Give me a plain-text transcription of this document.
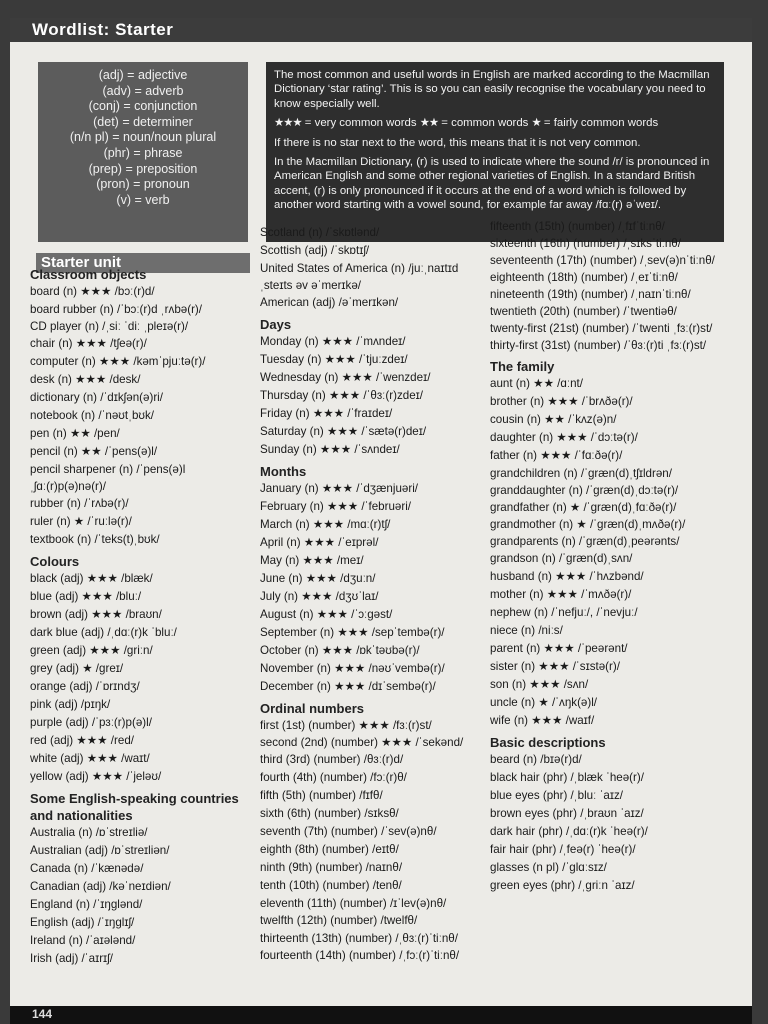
Wordlist: Starter
(adj) = adjective
(adv) = adverb
(conj) = conjunction
(det) = determiner
(n/n pl) = noun/noun plural
(phr) = phrase
(prep) = preposition
(pron) = pronoun
(v) = verb

The most common and useful words in English are marked according to the Macmillan Dictionary ‘star rating’. This is so you can easily recognise the vocabulary you need to know especially well.

★★★ = very common words ★★ = common words ★ = fairly common words

If there is no star next to the word, this means that it is not very common.

In the Macmillan Dictionary, (r) is used to indicate where the sound /r/ is pronounced in American English and some other regional varieties of English. In a standard British accent, (r) is only pronounced if it occurs at the end of a word which is followed by another word starting with a vowel sound, for example far away /fɑː(r) əˈweɪ/.

Starter unit
Classroom objects
board (n) ★★★ /bɔː(r)d/
board rubber (n) /ˈbɔː(r)d ˌrʌbə(r)/
CD player (n) /ˌsiː ˈdiː ˌpleɪə(r)/
chair (n) ★★★ /tʃeə(r)/
computer (n) ★★★ /kəmˈpjuːtə(r)/
desk (n) ★★★ /desk/
dictionary (n) /ˈdɪkʃən(ə)ri/
notebook (n) /ˈnəʊtˌbʊk/
pen (n) ★★ /pen/
pencil (n) ★★ /ˈpens(ə)l/
pencil sharpener (n) /ˈpens(ə)l ˌʃɑː(r)p(ə)nə(r)/
rubber (n) /ˈrʌbə(r)/
ruler (n) ★ /ˈruːlə(r)/
textbook (n) /ˈteks(t)ˌbʊk/
Colours
black (adj) ★★★ /blæk/
blue (adj) ★★★ /bluː/
brown (adj) ★★★ /braʊn/
dark blue (adj) /ˌdɑː(r)k ˈbluː/
green (adj) ★★★ /griːn/
grey (adj) ★ /greɪ/
orange (adj) /ˈɒrɪndʒ/
pink (adj) /pɪŋk/
purple (adj) /ˈpɜː(r)p(ə)l/
red (adj) ★★★ /red/
white (adj) ★★★ /waɪt/
yellow (adj) ★★★ /ˈjeləʊ/
Some English-speaking countries and nationalities
Australia (n) /ɒˈstreɪliə/
Australian (adj) /ɒˈstreɪliən/
Canada (n) /ˈkænədə/
Canadian (adj) /kəˈneɪdiən/
England (n) /ˈɪŋglənd/
English (adj) /ˈɪŋglɪʃ/
Ireland (n) /ˈaɪələnd/
Irish (adj) /ˈaɪrɪʃ/
Scotland (n) /ˈskɒtlənd/
Scottish (adj) /ˈskɒtɪʃ/
United States of America (n) /juːˌnaɪtɪd ˌsteɪts əv əˈmerɪkə/
American (adj) /əˈmerɪkən/
Days
Monday (n) ★★★ /ˈmʌndeɪ/
Tuesday (n) ★★★ /ˈtjuːzdeɪ/
Wednesday (n) ★★★ /ˈwenzdeɪ/
Thursday (n) ★★★ /ˈθɜː(r)zdeɪ/
Friday (n) ★★★ /ˈfraɪdeɪ/
Saturday (n) ★★★ /ˈsætə(r)deɪ/
Sunday (n) ★★★ /ˈsʌndeɪ/
Months
January (n) ★★★ /ˈdʒænjuəri/
February (n) ★★★ /ˈfebruəri/
March (n) ★★★ /mɑː(r)tʃ/
April (n) ★★★ /ˈeɪprəl/
May (n) ★★★ /meɪ/
June (n) ★★★ /dʒuːn/
July (n) ★★★ /dʒʊˈlaɪ/
August (n) ★★★ /ˈɔːgəst/
September (n) ★★★ /sepˈtembə(r)/
October (n) ★★★ /ɒkˈtəʊbə(r)/
November (n) ★★★ /nəʊˈvembə(r)/
December (n) ★★★ /dɪˈsembə(r)/
Ordinal numbers
first (1st) (number) ★★★ /fɜː(r)st/
second (2nd) (number) ★★★ /ˈsekənd/
third (3rd) (number) /θɜː(r)d/
fourth (4th) (number) /fɔː(r)θ/
fifth (5th) (number) /fɪfθ/
sixth (6th) (number) /sɪksθ/
seventh (7th) (number) /ˈsev(ə)nθ/
eighth (8th) (number) /eɪtθ/
ninth (9th) (number) /naɪnθ/
tenth (10th) (number) /tenθ/
eleventh (11th) (number) /ɪˈlev(ə)nθ/
twelfth (12th) (number) /twelfθ/
thirteenth (13th) (number) /ˌθɜː(r)ˈtiːnθ/
fourteenth (14th) (number) /ˌfɔː(r)ˈtiːnθ/
fifteenth (15th) (number) /ˌfɪfˈtiːnθ/
sixteenth (16th) (number) /ˌsɪksˈtiːnθ/
seventeenth (17th) (number) /ˌsev(ə)nˈtiːnθ/
eighteenth (18th) (number) /ˌeɪˈtiːnθ/
nineteenth (19th) (number) /ˌnaɪnˈtiːnθ/
twentieth (20th) (number) /ˈtwentiəθ/
twenty-first (21st) (number) /ˈtwenti ˌfɜː(r)st/
thirty-first (31st) (number) /ˈθɜː(r)ti ˌfɜː(r)st/
The family
aunt (n) ★★ /ɑːnt/
brother (n) ★★★ /ˈbrʌðə(r)/
cousin (n) ★★ /ˈkʌz(ə)n/
daughter (n) ★★★ /ˈdɔːtə(r)/
father (n) ★★★ /ˈfɑːðə(r)/
grandchildren (n) /ˈgræn(d)ˌtʃɪldrən/
granddaughter (n) /ˈgræn(d)ˌdɔːtə(r)/
grandfather (n) ★ /ˈgræn(d)ˌfɑːðə(r)/
grandmother (n) ★ /ˈgræn(d)ˌmʌðə(r)/
grandparents (n) /ˈgræn(d)ˌpeərənts/
grandson (n) /ˈgræn(d)ˌsʌn/
husband (n) ★★★ /ˈhʌzbənd/
mother (n) ★★★ /ˈmʌðə(r)/
nephew (n) /ˈnefjuː/, /ˈnevjuː/
niece (n) /niːs/
parent (n) ★★★ /ˈpeərənt/
sister (n) ★★★ /ˈsɪstə(r)/
son (n) ★★★ /sʌn/
uncle (n) ★ /ˈʌŋk(ə)l/
wife (n) ★★★ /waɪf/
Basic descriptions
beard (n) /bɪə(r)d/
black hair (phr) /ˌblæk ˈheə(r)/
blue eyes (phr) /ˌbluː ˈaɪz/
brown eyes (phr) /ˌbraʊn ˈaɪz/
dark hair (phr) /ˌdɑː(r)k ˈheə(r)/
fair hair (phr) /ˌfeə(r) ˈheə(r)/
glasses (n pl) /ˈglɑːsɪz/
green eyes (phr) /ˌgriːn ˈaɪz/
144
